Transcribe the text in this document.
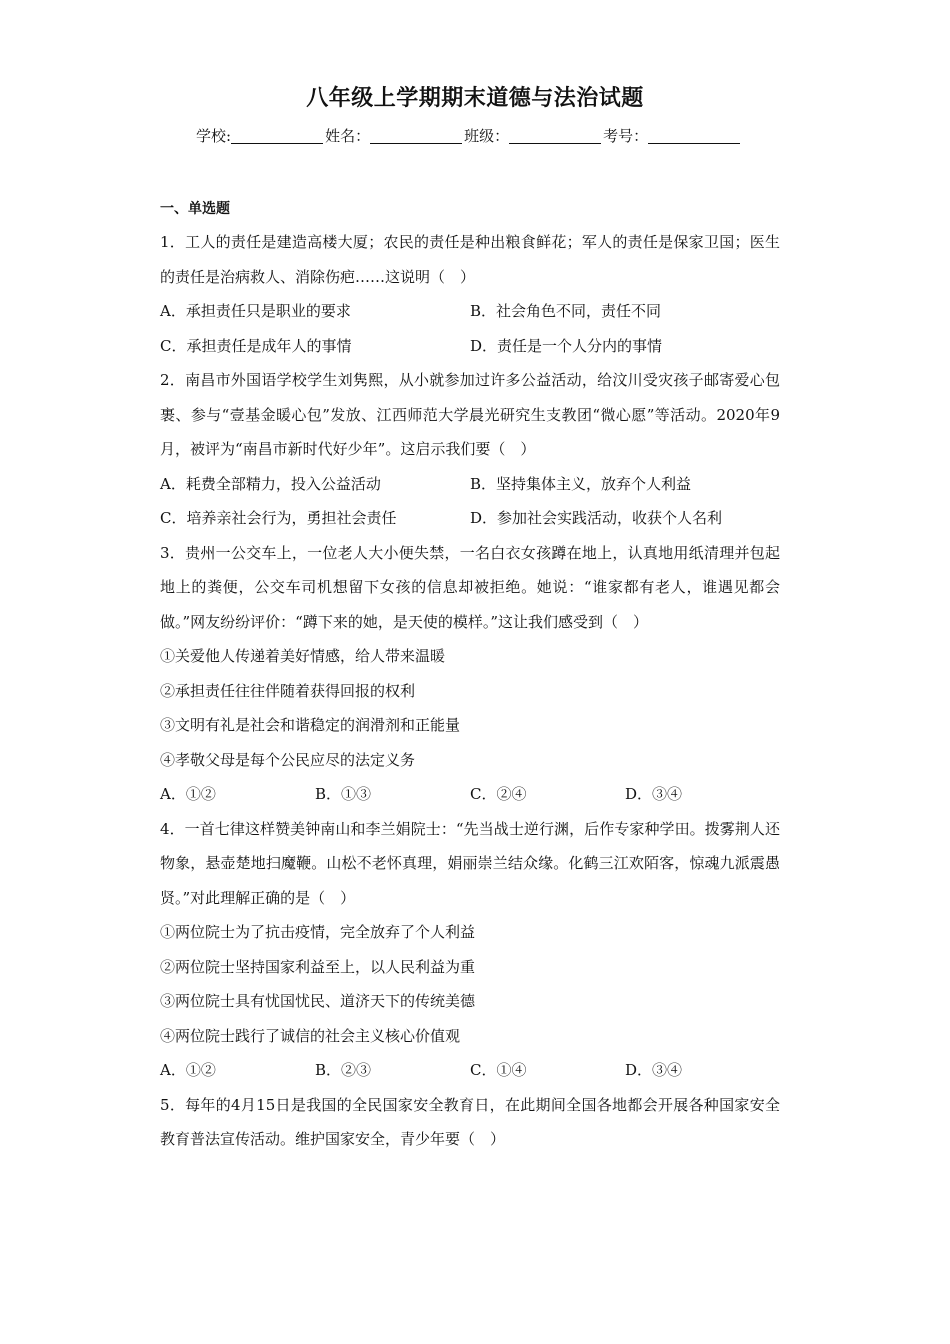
八年级上学期期末道德与法治试题
学校:	姓名：	班级：	考号：
一、单选题
1．工人的责任是建造高楼大厦；农民的责任是种出粮食鲜花；军人的责任是保家卫国；医生的责任是治病救人、消除伤疤……这说明（　）
A．承担责任只是职业的要求	B．社会角色不同，责任不同
C．承担责任是成年人的事情	D．责任是一个人分内的事情
2．南昌市外国语学校学生刘隽熙，从小就参加过许多公益活动，给汶川受灾孩子邮寄爱心包裹、参与“壹基金暖心包”发放、江西师范大学晨光研究生支教团“微心愿”等活动。2020年9月，被评为“南昌市新时代好少年”。这启示我们要（　）
A．耗费全部精力，投入公益活动	B．坚持集体主义，放弃个人利益
C．培养亲社会行为，勇担社会责任	D．参加社会实践活动，收获个人名利
3．贵州一公交车上，一位老人大小便失禁，一名白衣女孩蹲在地上，认真地用纸清理并包起地上的粪便，公交车司机想留下女孩的信息却被拒绝。她说：“谁家都有老人，谁遇见都会做。”网友纷纷评价：“蹲下来的她，是天使的模样。”这让我们感受到（　）
①关爱他人传递着美好情感，给人带来温暖
②承担责任往往伴随着获得回报的权利
③文明有礼是社会和谐稳定的润滑剂和正能量
④孝敬父母是每个公民应尽的法定义务
A．①②	B．①③	C．②④	D．③④
4．一首七律这样赞美钟南山和李兰娟院士：“先当战士逆行渊，后作专家种学田。拨雾荆人还物象，悬壶楚地扫魔鞭。山松不老怀真理，娟丽崇兰结众缘。化鹤三江欢陌客，惊魂九派震愚贤。”对此理解正确的是（　）
①两位院士为了抗击疫情，完全放弃了个人利益
②两位院士坚持国家利益至上，以人民利益为重
③两位院士具有忧国忧民、道济天下的传统美德
④两位院士践行了诚信的社会主义核心价值观
A．①②	B．②③	C．①④	D．③④
5．每年的4月15日是我国的全民国家安全教育日，在此期间全国各地都会开展各种国家安全教育普法宣传活动。维护国家安全，青少年要（　）
